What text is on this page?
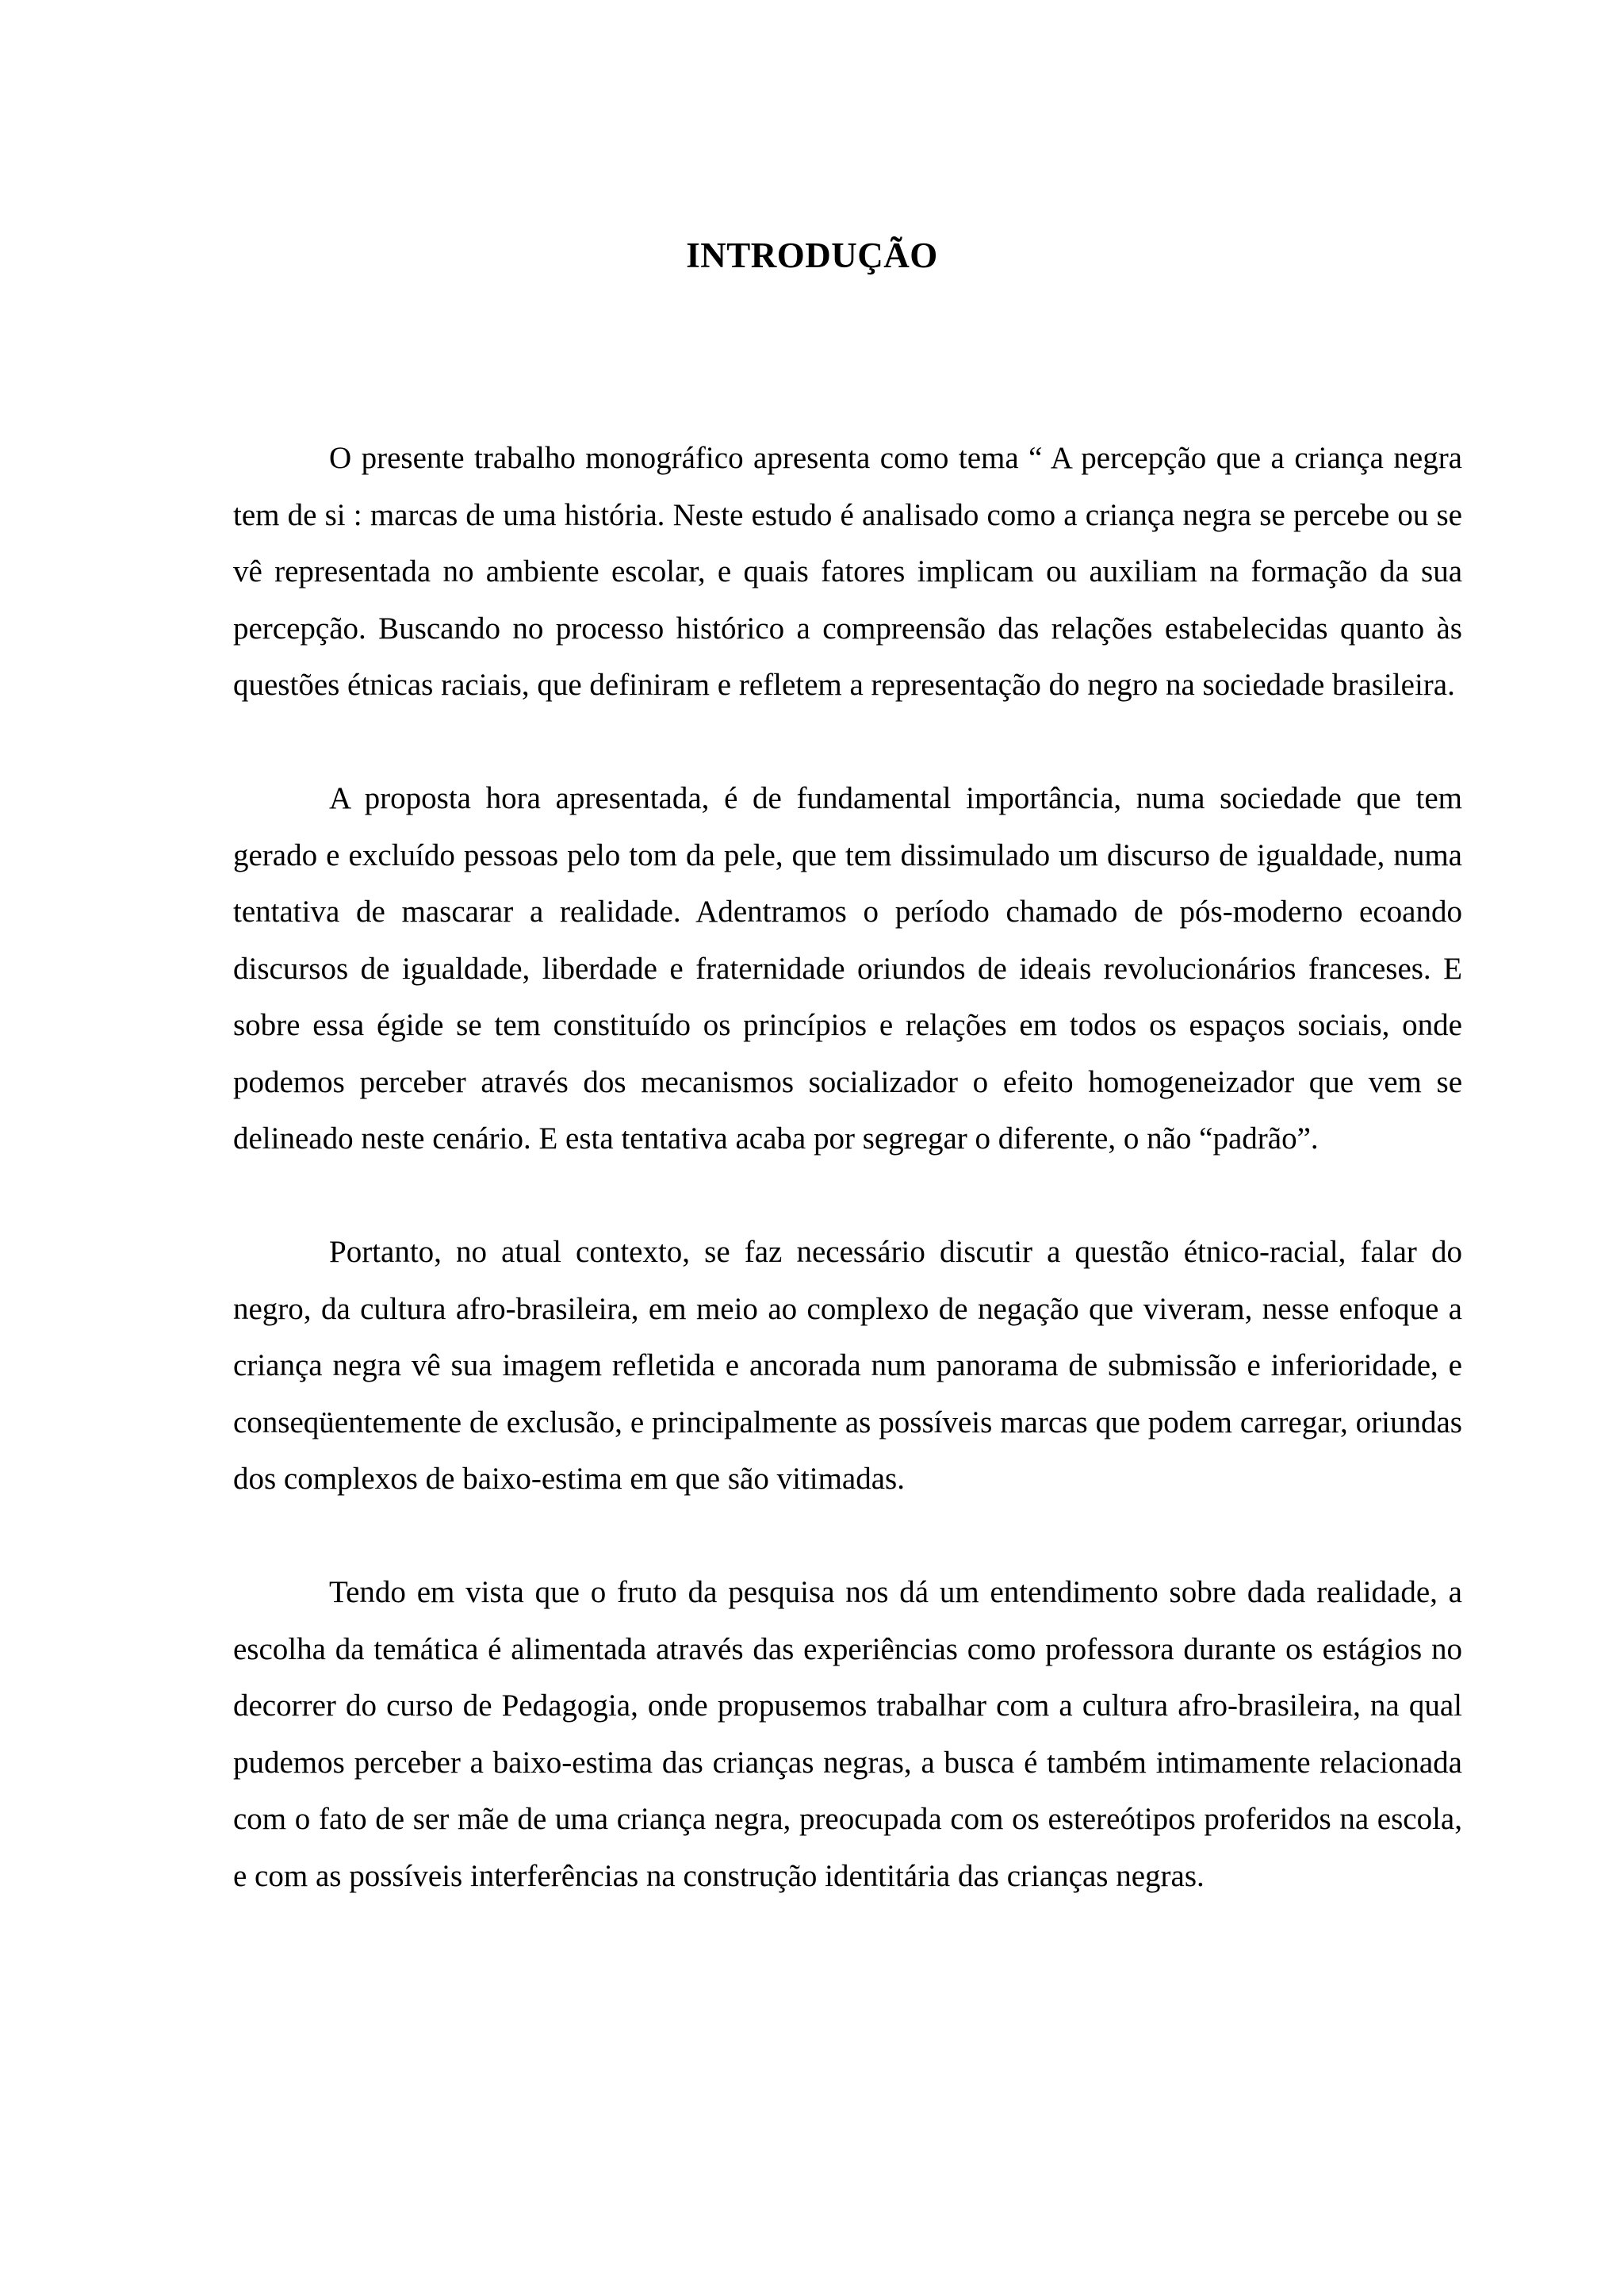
INTRODUÇÃO

O presente trabalho monográfico apresenta como tema “ A percepção que a criança negra tem de si : marcas de uma história. Neste estudo é analisado como a criança negra se percebe ou se vê representada no ambiente escolar, e quais fatores implicam ou auxiliam na formação da sua percepção. Buscando no processo histórico a compreensão das relações estabelecidas quanto às questões étnicas raciais, que definiram e refletem a representação do negro na sociedade brasileira.

A proposta hora apresentada, é de fundamental importância, numa sociedade que tem gerado e excluído pessoas pelo tom da pele, que tem dissimulado um discurso de igualdade, numa tentativa de mascarar a realidade. Adentramos o período chamado de pós-moderno ecoando discursos de igualdade, liberdade e fraternidade oriundos de ideais revolucionários franceses. E sobre essa égide se tem constituído os princípios e relações em todos os espaços sociais, onde podemos perceber através dos mecanismos socializador o efeito homogeneizador que vem se delineado neste cenário. E esta tentativa acaba por segregar o diferente, o não “padrão”.

Portanto, no atual contexto, se faz necessário discutir a questão étnico-racial, falar do negro, da cultura afro-brasileira, em meio ao complexo de negação que viveram, nesse enfoque a criança negra vê sua imagem refletida e ancorada num panorama de submissão e inferioridade, e conseqüentemente de exclusão, e principalmente as possíveis marcas que podem carregar, oriundas dos complexos de baixo-estima em que são vitimadas.

Tendo em vista que o fruto da pesquisa nos dá um entendimento sobre dada realidade, a escolha da temática é alimentada através das experiências como professora durante os estágios no decorrer do curso de Pedagogia, onde propusemos trabalhar com a cultura afro-brasileira, na qual pudemos perceber a baixo-estima das crianças negras, a busca é também intimamente relacionada com o fato de ser mãe de uma criança negra, preocupada com os estereótipos proferidos na escola, e com as possíveis interferências na construção identitária das crianças negras.
